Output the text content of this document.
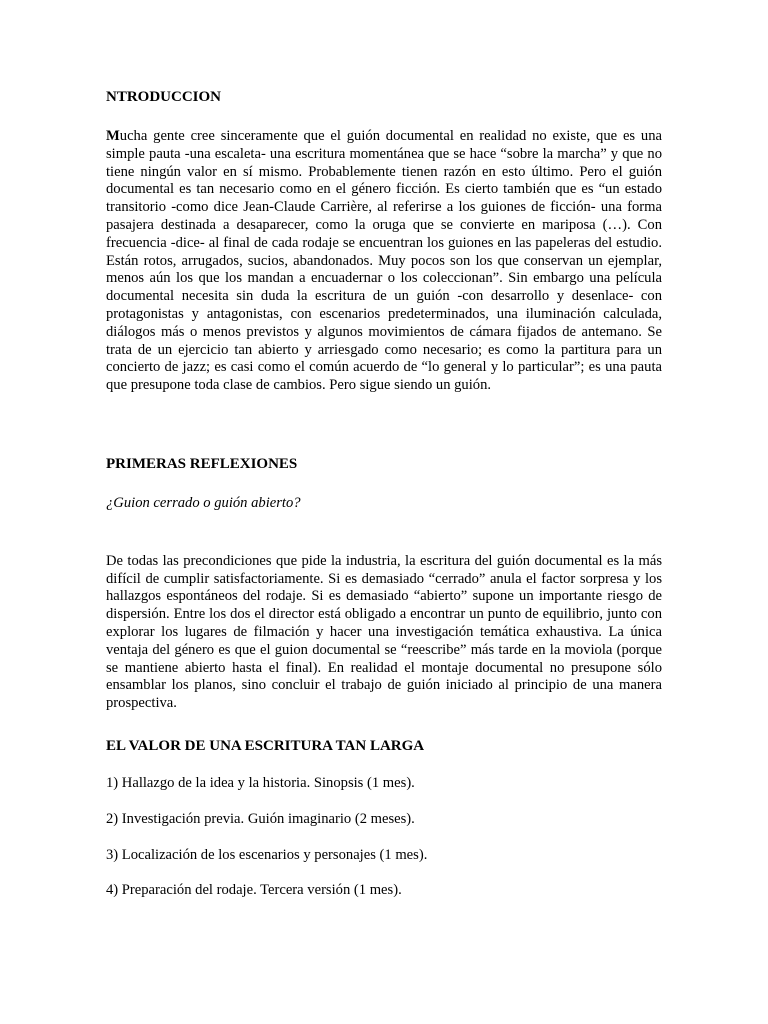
NTRODUCCION

Mucha gente cree sinceramente que el guión documental en realidad no existe, que es una simple pauta -una escaleta- una escritura momentánea que se hace “sobre la marcha” y que no tiene ningún valor en sí mismo. Probablemente tienen razón en esto último. Pero el guión documental es tan necesario como en el género ficción. Es cierto también que es “un estado transitorio -como dice Jean-Claude Carrière, al referirse a los guiones de ficción- una forma pasajera destinada a desaparecer, como la oruga que se convierte en mariposa (…). Con frecuencia -dice- al final de cada rodaje se encuentran los guiones en las papeleras del estudio. Están rotos, arrugados, sucios, abandonados. Muy pocos son los que conservan un ejemplar, menos aún los que los mandan a encuadernar o los coleccionan”. Sin embargo una película documental necesita sin duda la escritura de un guión -con desarrollo y desenlace- con protagonistas y antagonistas, con escenarios predeterminados, una iluminación calculada, diálogos más o menos previstos y algunos movimientos de cámara fijados de antemano. Se trata de un ejercicio tan abierto y arriesgado como necesario; es como la partitura para un concierto de jazz; es casi como el común acuerdo de “lo general y lo particular”; es una pauta que presupone toda clase de cambios. Pero sigue siendo un guión.

PRIMERAS REFLEXIONES

¿Guion cerrado o guión abierto?

De todas las precondiciones que pide la industria, la escritura del guión documental es la más difícil de cumplir satisfactoriamente. Si es demasiado “cerrado” anula el factor sorpresa y los hallazgos espontáneos del rodaje. Si es demasiado “abierto” supone un importante riesgo de dispersión. Entre los dos el director está obligado a encontrar un punto de equilibrio, junto con explorar los lugares de filmación y hacer una investigación temática exhaustiva. La única ventaja del género es que el guion documental se “reescribe” más tarde en la moviola (porque se mantiene abierto hasta el final). En realidad el montaje documental no presupone sólo ensamblar los planos, sino concluir el trabajo de guión iniciado al principio de una manera prospectiva.

EL VALOR DE UNA ESCRITURA TAN LARGA
1) Hallazgo de la idea y la historia. Sinopsis (1 mes).
2) Investigación previa. Guión imaginario (2 meses).
3) Localización de los escenarios y personajes (1 mes).
4) Preparación del rodaje. Tercera versión (1 mes).
